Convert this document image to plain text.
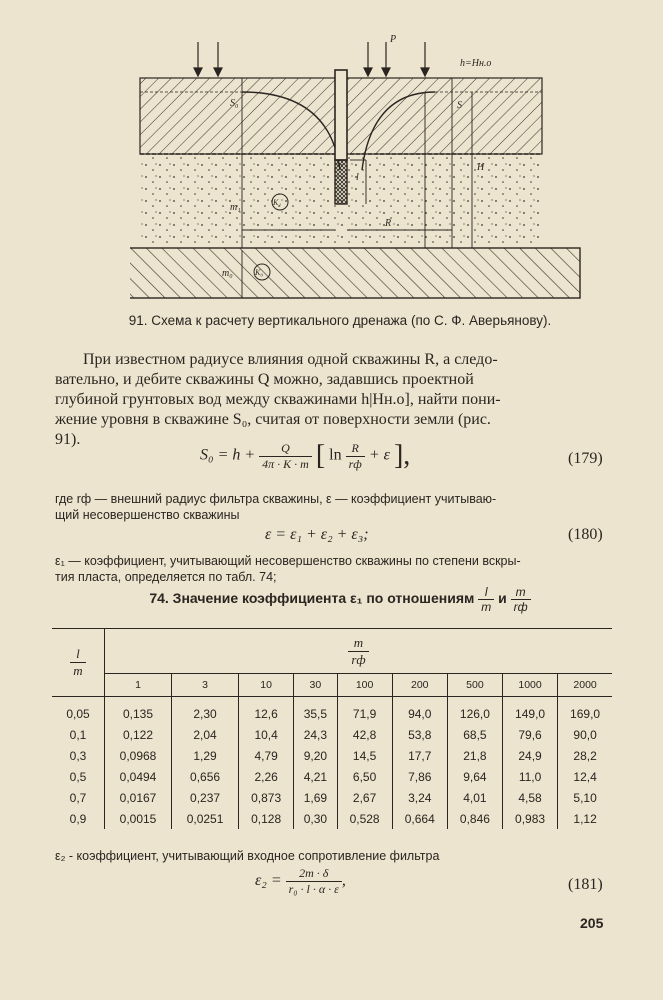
P
h=Hн.о
S₀	S
l
H
R
m₁	K₁
m₀	K₀
91. Схема к расчету вертикального дренажа (по С. Ф. Аверьянову).
При известном радиусе влияния одной скважины R, а следо-
вательно, и дебите скважины Q можно, задавшись проектной
глубиной грунтовых вод между скважинами h|Hн.о], найти пони-
жение уровня в скважине S₀, считая от поверхности земли (рис.
91).
$S_0 = h + \frac{Q}{4\pi \cdot K \cdot m}$ [ $\ln \frac{R}{rф} + \varepsilon$ ],	(179)
где rф — внешний радиус фильтра скважины, ε — коэффициент учитываю-
щий несовершенство скважины
ε = ε₁ + ε₂ + ε₃;	(180)
ε₁ — коэффициент, учитывающий несовершенство скважины по степени вскры-
тия пласта, определяется по табл. 74;
74. Значение коэффициента ε₁ по отношениям $\frac{l}{m}$ и $\frac{m}{rф}$
$\frac{l}{m}$	$\frac{m}{rф}$

	1	3	10	30	100	200	500	1000	2000
0,05	0,135	2,30	12,6	35,5	71,9	94,0	126,0	149,0	169,0
0,1	0,122	2,04	10,4	24,3	42,8	53,8	68,5	79,6	90,0
0,3	0,0968	1,29	4,79	9,20	14,5	17,7	21,8	24,9	28,2
0,5	0,0494	0,656	2,26	4,21	6,50	7,86	9,64	11,0	12,4
0,7	0,0167	0,237	0,873	1,69	2,67	3,24	4,01	4,58	5,10
0,9	0,0015	0,0251	0,128	0,30	0,528	0,664	0,846	0,983	1,12
ε₂ - коэффициент, учитывающий входное сопротивление фильтра
$\varepsilon_2 = \frac{2m \cdot \delta}{\text{r₀ · l · α · ε}}$ ,	(181)
205
